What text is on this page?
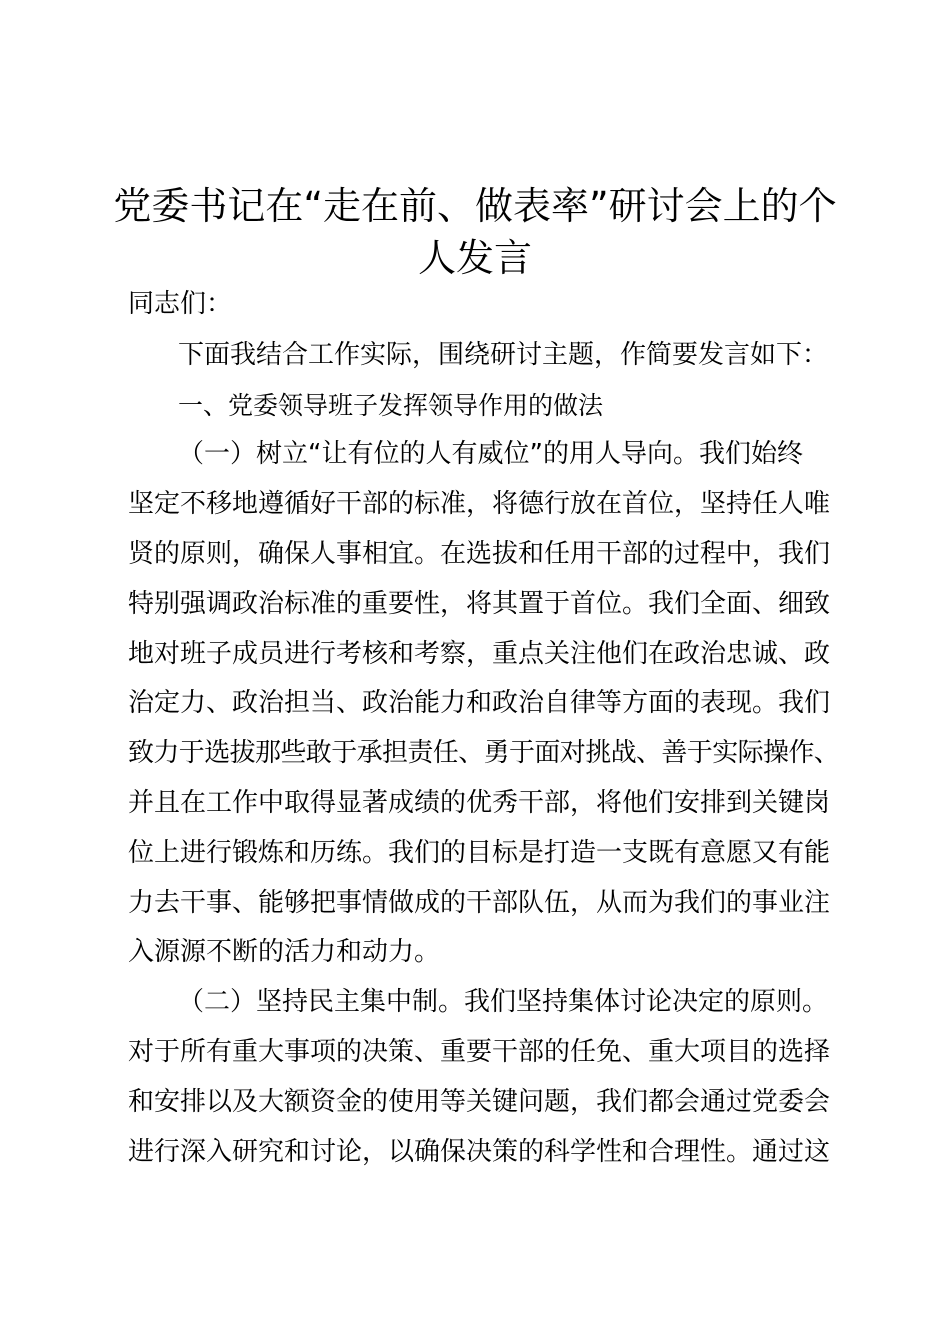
党委书记在“走在前、做表率”研讨会上的个
人发言

同志们：

下面我结合工作实际，围绕研讨主题，作简要发言如下：

一、党委领导班子发挥领导作用的做法

（一）树立“让有位的人有威位”的用人导向。我们始终

坚定不移地遵循好干部的标准，将德行放在首位，坚持任人唯

贤的原则，确保人事相宜。在选拔和任用干部的过程中，我们

特别强调政治标准的重要性，将其置于首位。我们全面、细致

地对班子成员进行考核和考察，重点关注他们在政治忠诚、政

治定力、政治担当、政治能力和政治自律等方面的表现。我们

致力于选拔那些敢于承担责任、勇于面对挑战、善于实际操作、

并且在工作中取得显著成绩的优秀干部，将他们安排到关键岗

位上进行锻炼和历练。我们的目标是打造一支既有意愿又有能

力去干事、能够把事情做成的干部队伍，从而为我们的事业注

入源源不断的活力和动力。

（二）坚持民主集中制。我们坚持集体讨论决定的原则。

对于所有重大事项的决策、重要干部的任免、重大项目的选择

和安排以及大额资金的使用等关键问题，我们都会通过党委会

进行深入研究和讨论，以确保决策的科学性和合理性。通过这
